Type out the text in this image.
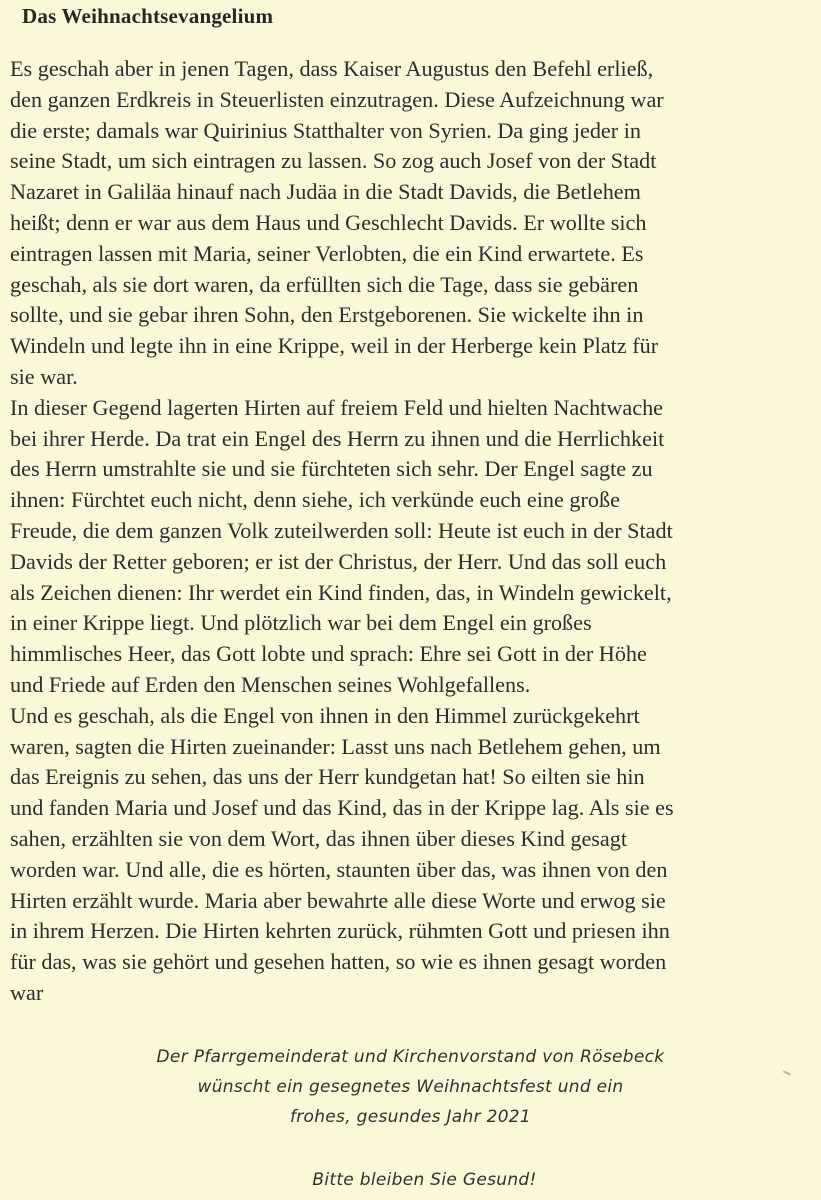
Das Weihnachtsevangelium

Es geschah aber in jenen Tagen, dass Kaiser Augustus den Befehl erließ,
den ganzen Erdkreis in Steuerlisten einzutragen. Diese Aufzeichnung war
die erste; damals war Quirinius Statthalter von Syrien. Da ging jeder in
seine Stadt, um sich eintragen zu lassen. So zog auch Josef von der Stadt
Nazaret in Galiläa hinauf nach Judäa in die Stadt Davids, die Betlehem
heißt; denn er war aus dem Haus und Geschlecht Davids. Er wollte sich
eintragen lassen mit Maria, seiner Verlobten, die ein Kind erwartete. Es
geschah, als sie dort waren, da erfüllten sich die Tage, dass sie gebären
sollte, und sie gebar ihren Sohn, den Erstgeborenen. Sie wickelte ihn in
Windeln und legte ihn in eine Krippe, weil in der Herberge kein Platz für
sie war.

In dieser Gegend lagerten Hirten auf freiem Feld und hielten Nachtwache
bei ihrer Herde. Da trat ein Engel des Herrn zu ihnen und die Herrlichkeit
des Herrn umstrahlte sie und sie fürchteten sich sehr. Der Engel sagte zu
ihnen: Fürchtet euch nicht, denn siehe, ich verkünde euch eine große
Freude, die dem ganzen Volk zuteilwerden soll: Heute ist euch in der Stadt
Davids der Retter geboren; er ist der Christus, der Herr. Und das soll euch
als Zeichen dienen: Ihr werdet ein Kind finden, das, in Windeln gewickelt,
in einer Krippe liegt. Und plötzlich war bei dem Engel ein großes
himmlisches Heer, das Gott lobte und sprach: Ehre sei Gott in der Höhe
und Friede auf Erden den Menschen seines Wohlgefallens.

Und es geschah, als die Engel von ihnen in den Himmel zurückgekehrt
waren, sagten die Hirten zueinander: Lasst uns nach Betlehem gehen, um
das Ereignis zu sehen, das uns der Herr kundgetan hat! So eilten sie hin
und fanden Maria und Josef und das Kind, das in der Krippe lag. Als sie es
sahen, erzählten sie von dem Wort, das ihnen über dieses Kind gesagt
worden war. Und alle, die es hörten, staunten über das, was ihnen von den
Hirten erzählt wurde. Maria aber bewahrte alle diese Worte und erwog sie
in ihrem Herzen. Die Hirten kehrten zurück, rühmten Gott und priesen ihn
für das, was sie gehört und gesehen hatten, so wie es ihnen gesagt worden
war

Der Pfarrgemeinderat und Kirchenvorstand von Rösebeck
wünscht ein gesegnetes Weihnachtsfest und ein
frohes, gesundes Jahr 2021
Bitte bleiben Sie Gesund!
